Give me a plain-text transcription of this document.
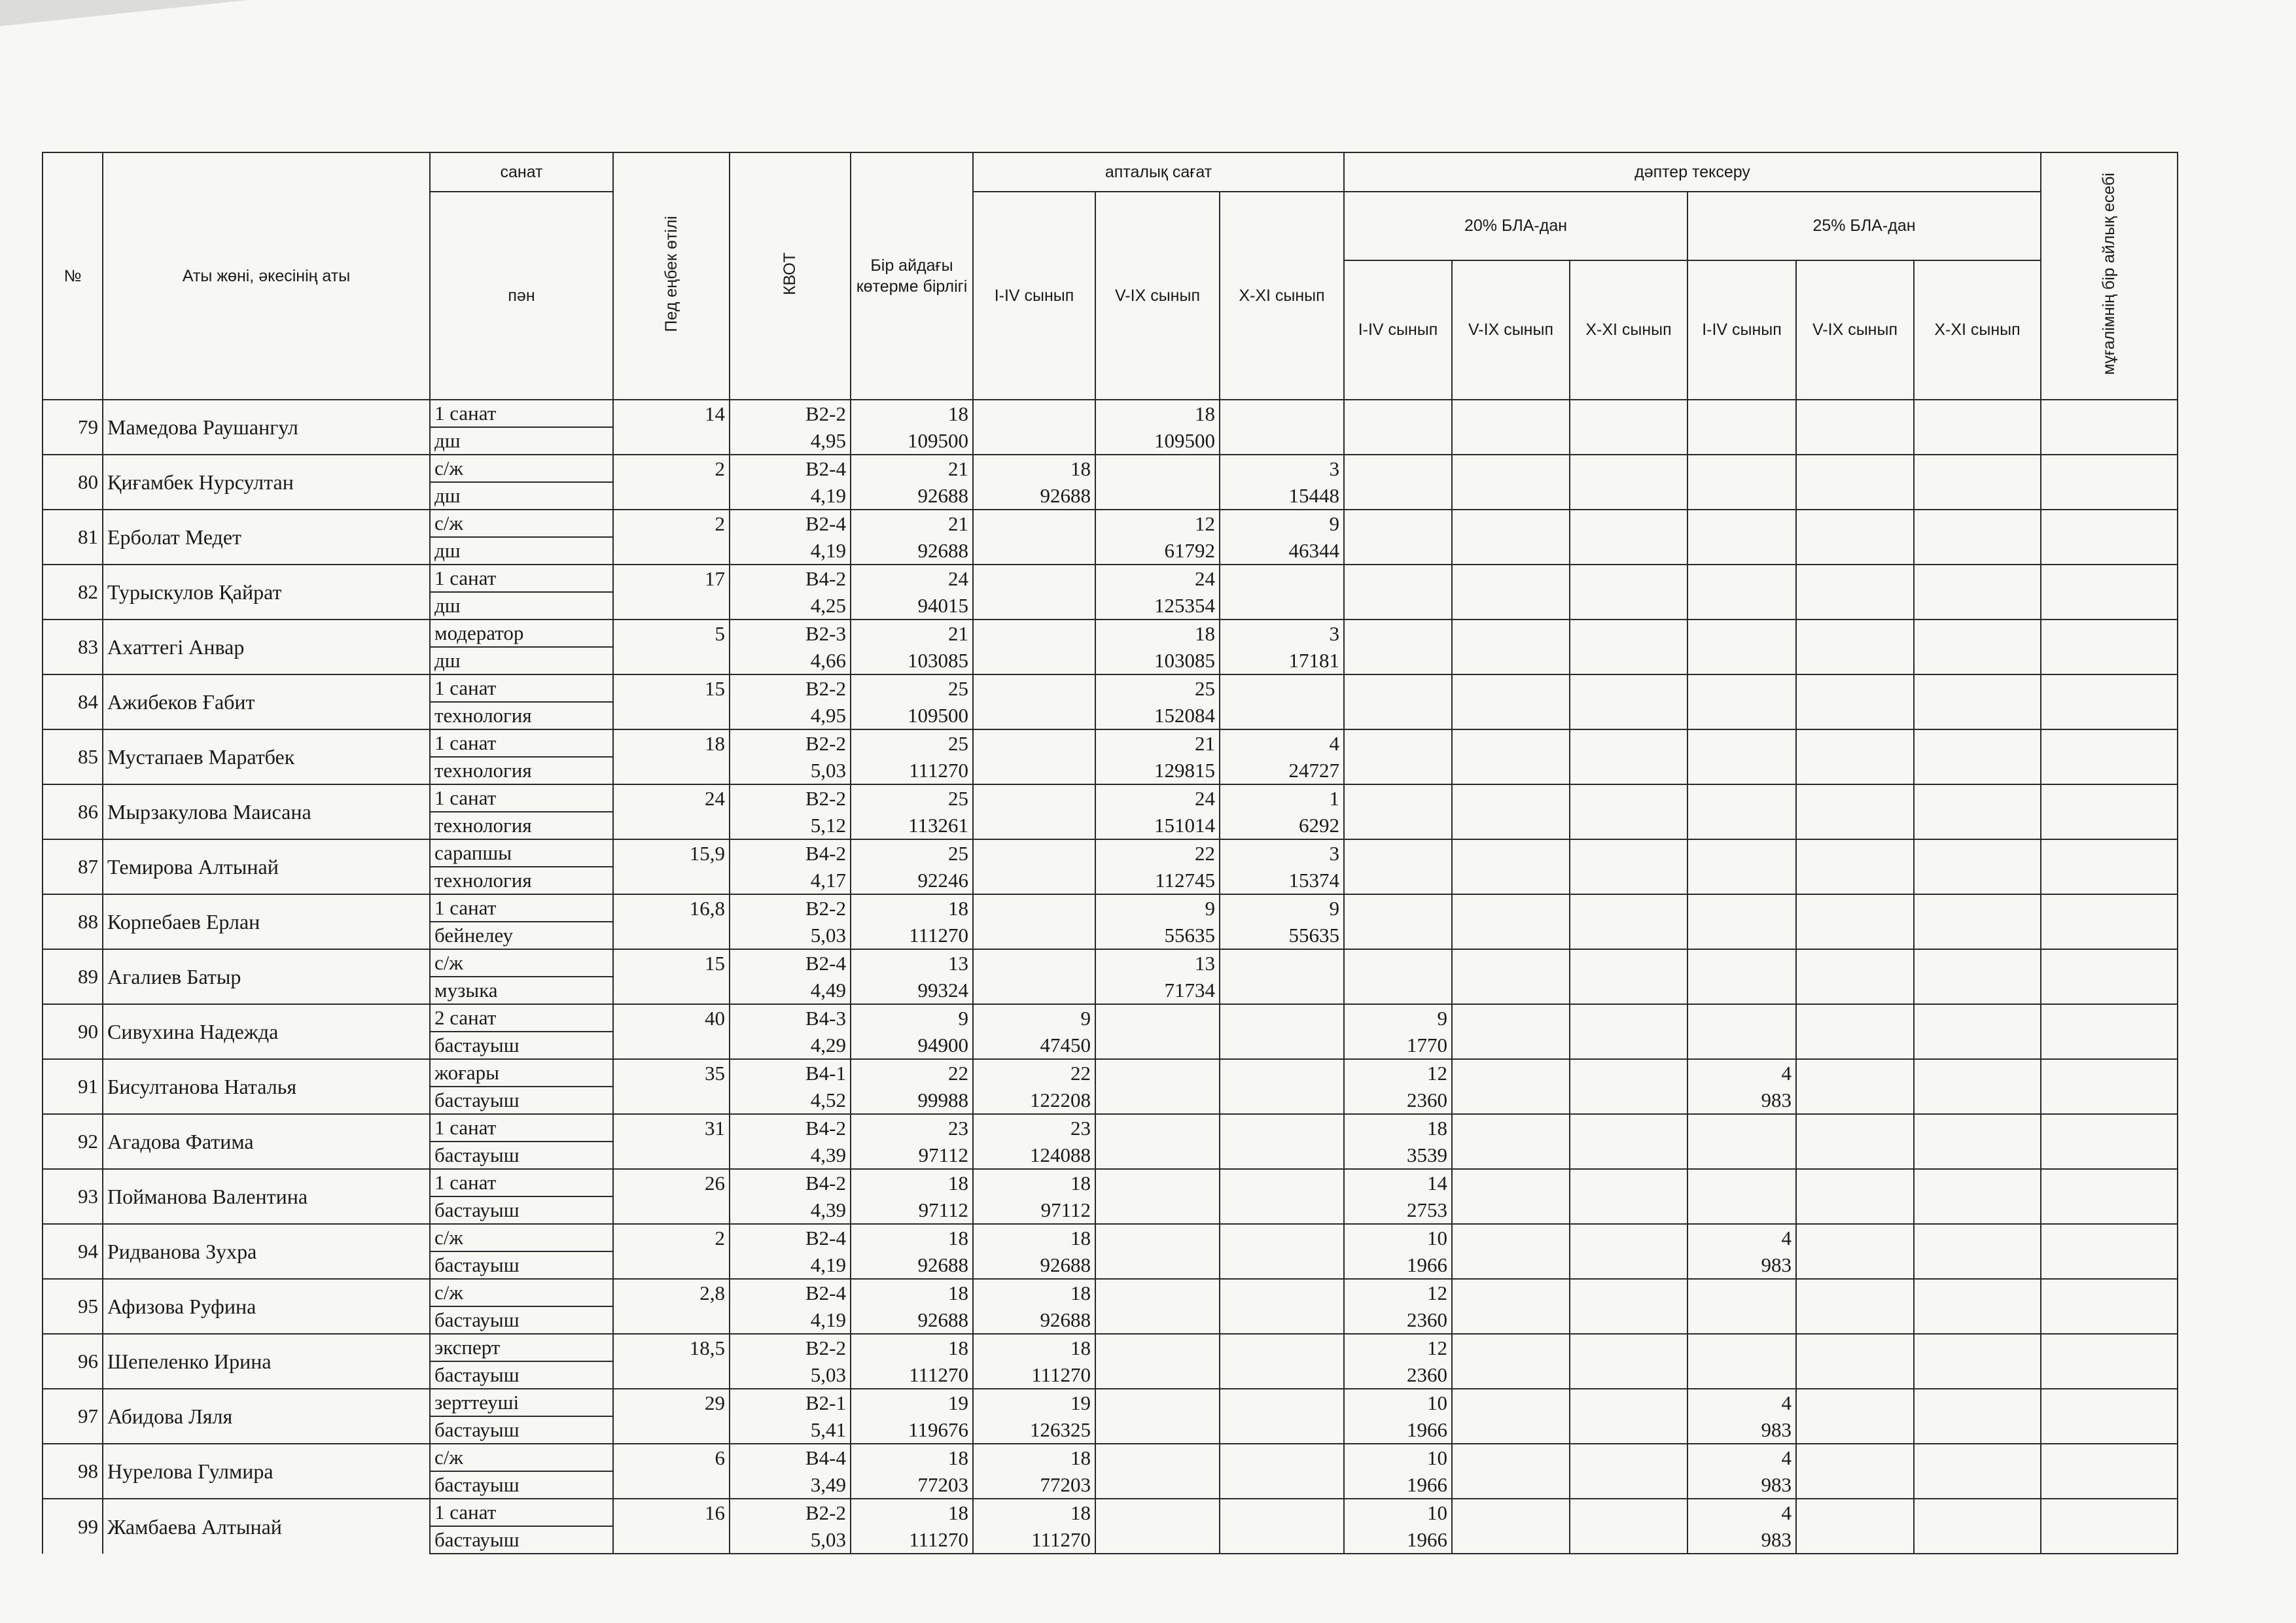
№	Аты жөні, әкесінің аты	санат	Пед еңбек өтілі	КВОТ	Бір айдағы көтерме бірлігі	апталық сағат			дәптер тексеру						мұғалімнің бір айлық есебі	
		пән				I-IV сынып	V-IX сынып	X-XI сынып	20% БЛА-дан			25% БЛА-дан				
									I-IV сынып	V-IX сынып	X-XI сынып	I-IV сынып	V-IX сынып	X-XI сынып		
79	Мамедова Раушангул	1 санат	14	В2-2	18		18									
		дш		4,95	109500		109500									
80	Қиғамбек Нурсултан	с/ж	2	В2-4	21	18		3								
		дш		4,19	92688	92688		15448								
81	Ерболат Медет	с/ж	2	В2-4	21		12	9								
		дш		4,19	92688		61792	46344								
82	Турыскулов Қайрат	1 санат	17	В4-2	24		24									
		дш		4,25	94015		125354									
83	Ахаттегі Анвар	модератор	5	В2-3	21		18	3								
		дш		4,66	103085		103085	17181								
84	Ажибеков Ғабит	1 санат	15	В2-2	25		25									
		технология		4,95	109500		152084									
85	Мустапаев Маратбек	1 санат	18	В2-2	25		21	4								
		технология		5,03	111270		129815	24727								
86	Мырзакулова Маисана	1 санат	24	В2-2	25		24	1								
		технология		5,12	113261		151014	6292								
87	Темирова Алтынай	сарапшы	15,9	В4-2	25		22	3								
		технология		4,17	92246		112745	15374								
88	Корпебаев Ерлан	1 санат	16,8	В2-2	18		9	9								
		бейнелеу		5,03	111270		55635	55635								
89	Агалиев Батыр	с/ж	15	В2-4	13		13									
		музыка		4,49	99324		71734									
90	Сивухина Надежда	2 санат	40	В4-3	9	9			9							
		бастауыш		4,29	94900	47450			1770							
91	Бисултанова Наталья	жоғары	35	В4-1	22	22			12			4				
		бастауыш		4,52	99988	122208			2360			983				
92	Агадова Фатима	1 санат	31	В4-2	23	23			18							
		бастауыш		4,39	97112	124088			3539							
93	Пойманова Валентина	1 санат	26	В4-2	18	18			14							
		бастауыш		4,39	97112	97112			2753							
94	Ридванова Зухра	с/ж	2	В2-4	18	18			10			4				
		бастауыш		4,19	92688	92688			1966			983				
95	Афизова Руфина	с/ж	2,8	В2-4	18	18			12							
		бастауыш		4,19	92688	92688			2360							
96	Шепеленко Ирина	эксперт	18,5	В2-2	18	18			12							
		бастауыш		5,03	111270	111270			2360							
97	Абидова Ляля	зерттеуші	29	В2-1	19	19			10			4				
		бастауыш		5,41	119676	126325			1966			983				
98	Нурелова Гулмира	с/ж	6	В4-4	18	18			10			4				
		бастауыш		3,49	77203	77203			1966			983				
99	Жамбаева Алтынай	1 санат	16	В2-2	18	18			10			4				
		бастауыш		5,03	111270	111270			1966			983				
